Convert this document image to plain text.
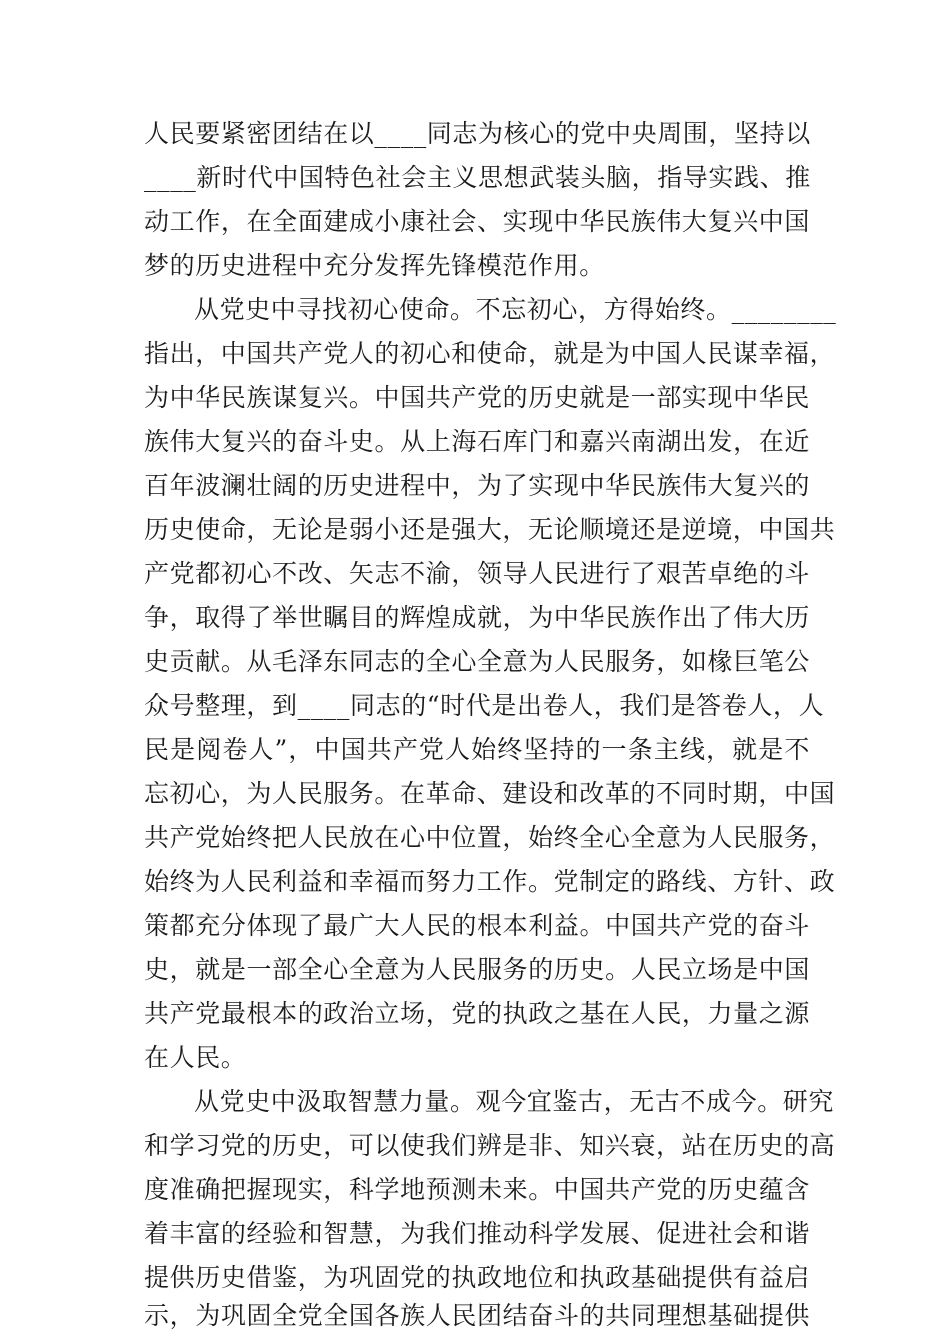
人民要紧密团结在以____同志为核心的党中央周围，坚持以
____新时代中国特色社会主义思想武装头脑，指导实践、推
动工作，在全面建成小康社会、实现中华民族伟大复兴中国
梦的历史进程中充分发挥先锋模范作用。
从党史中寻找初心使命。不忘初心，方得始终。________
指出，中国共产党人的初心和使命，就是为中国人民谋幸福，
为中华民族谋复兴。中国共产党的历史就是一部实现中华民
族伟大复兴的奋斗史。从上海石库门和嘉兴南湖出发，在近
百年波澜壮阔的历史进程中，为了实现中华民族伟大复兴的
历史使命，无论是弱小还是强大，无论顺境还是逆境，中国共
产党都初心不改、矢志不渝，领导人民进行了艰苦卓绝的斗
争，取得了举世瞩目的辉煌成就，为中华民族作出了伟大历
史贡献。从毛泽东同志的全心全意为人民服务，如椽巨笔公
众号整理，到____同志的“时代是出卷人，我们是答卷人，人
民是阅卷人”，中国共产党人始终坚持的一条主线，就是不
忘初心，为人民服务。在革命、建设和改革的不同时期，中国
共产党始终把人民放在心中位置，始终全心全意为人民服务，
始终为人民利益和幸福而努力工作。党制定的路线、方针、政
策都充分体现了最广大人民的根本利益。中国共产党的奋斗
史，就是一部全心全意为人民服务的历史。人民立场是中国
共产党最根本的政治立场，党的执政之基在人民，力量之源
在人民。
从党史中汲取智慧力量。观今宜鉴古，无古不成今。研究
和学习党的历史，可以使我们辨是非、知兴衰，站在历史的高
度准确把握现实，科学地预测未来。中国共产党的历史蕴含
着丰富的经验和智慧，为我们推动科学发展、促进社会和谐
提供历史借鉴，为巩固党的执政地位和执政基础提供有益启
示，为巩固全党全国各族人民团结奋斗的共同理想基础提供
